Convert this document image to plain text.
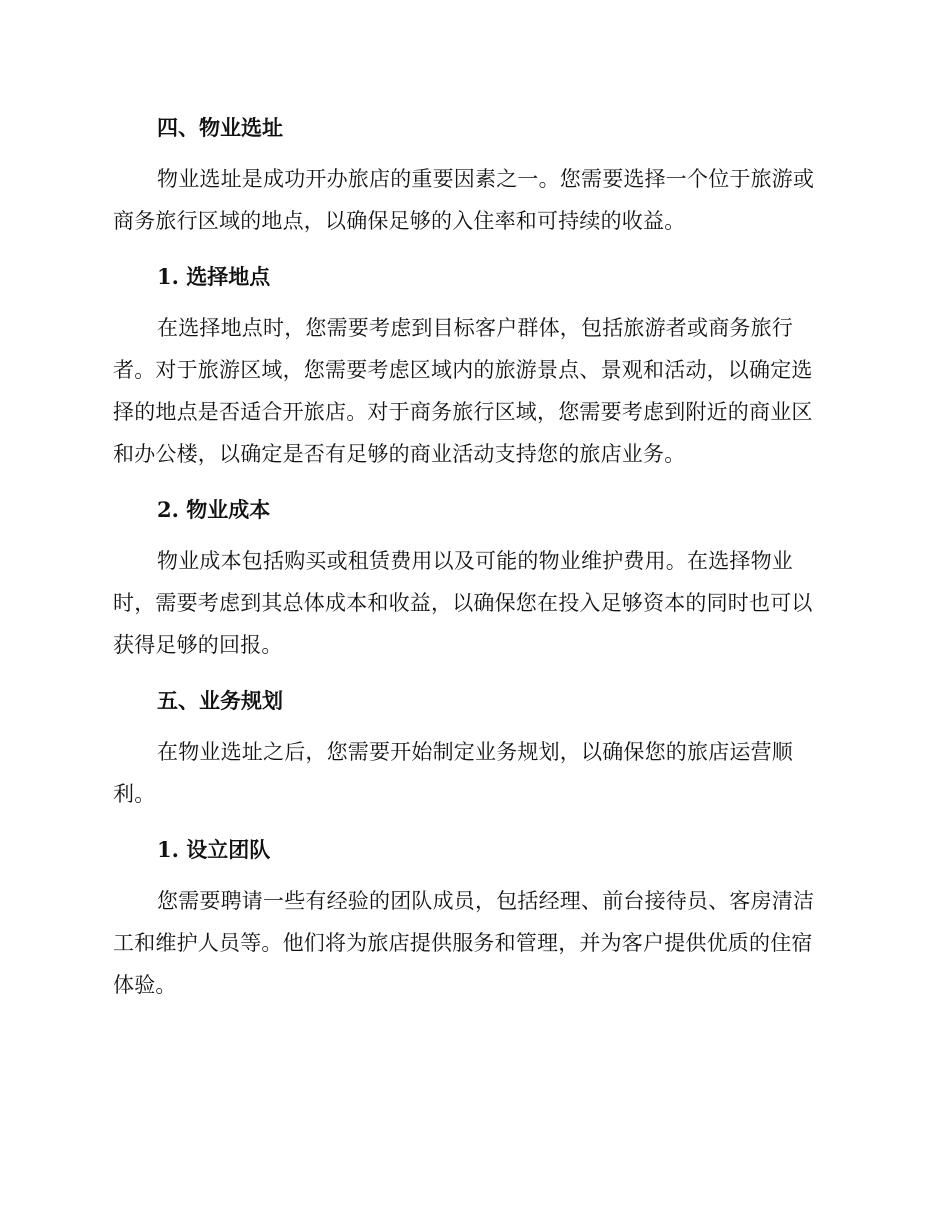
四、物业选址

物业选址是成功开办旅店的重要因素之一。您需要选择一个位于旅游或商务旅行区域的地点，以确保足够的入住率和可持续的收益。

1. 选择地点

在选择地点时，您需要考虑到目标客户群体，包括旅游者或商务旅行者。对于旅游区域，您需要考虑区域内的旅游景点、景观和活动，以确定选择的地点是否适合开旅店。对于商务旅行区域，您需要考虑到附近的商业区和办公楼，以确定是否有足够的商业活动支持您的旅店业务。

2. 物业成本

物业成本包括购买或租赁费用以及可能的物业维护费用。在选择物业时，需要考虑到其总体成本和收益，以确保您在投入足够资本的同时也可以获得足够的回报。

五、业务规划

在物业选址之后，您需要开始制定业务规划，以确保您的旅店运营顺利。

1. 设立团队

您需要聘请一些有经验的团队成员，包括经理、前台接待员、客房清洁工和维护人员等。他们将为旅店提供服务和管理，并为客户提供优质的住宿体验。
